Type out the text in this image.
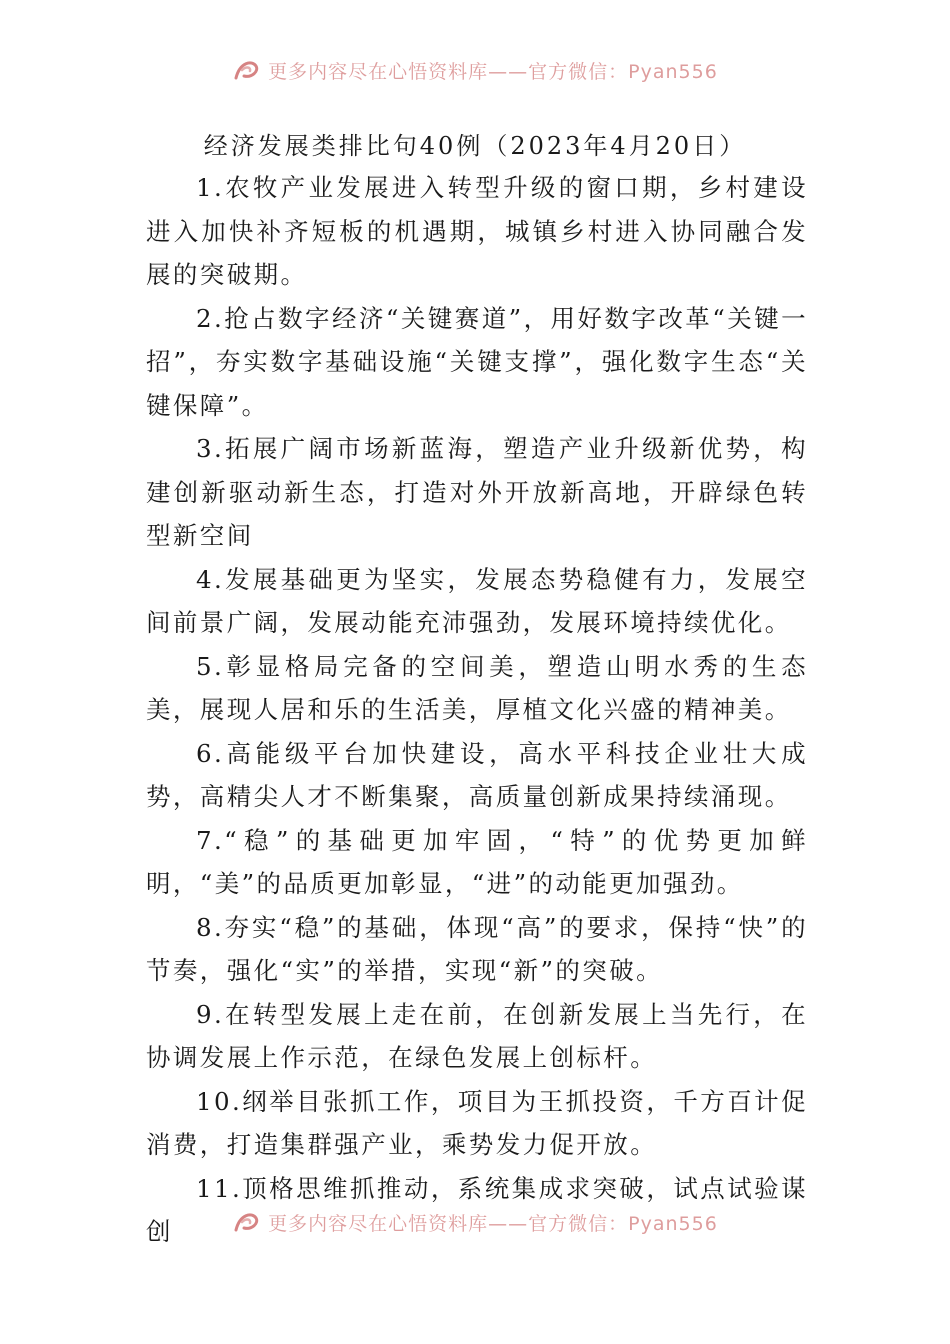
更多内容尽在心悟资料库——官方微信：Pyan556
经济发展类排比句40例（2023年4月20日）

1.农牧产业发展进入转型升级的窗口期，乡村建设进入加快补齐短板的机遇期，城镇乡村进入协同融合发展的突破期。

2.抢占数字经济“关键赛道”，用好数字改革“关键一招”，夯实数字基础设施“关键支撑”，强化数字生态“关键保障”。

3.拓展广阔市场新蓝海，塑造产业升级新优势，构建创新驱动新生态，打造对外开放新高地，开辟绿色转型新空间

4.发展基础更为坚实，发展态势稳健有力，发展空间前景广阔，发展动能充沛强劲，发展环境持续优化。

5.彰显格局完备的空间美，塑造山明水秀的生态美，展现人居和乐的生活美，厚植文化兴盛的精神美。

6.高能级平台加快建设，高水平科技企业壮大成势，高精尖人才不断集聚，高质量创新成果持续涌现。

7.“稳”的基础更加牢固，“特”的优势更加鲜明，“美”的品质更加彰显，“进”的动能更加强劲。

8.夯实“稳”的基础，体现“高”的要求，保持“快”的节奏，强化“实”的举措，实现“新”的突破。

9.在转型发展上走在前，在创新发展上当先行，在协调发展上作示范，在绿色发展上创标杆。

10.纲举目张抓工作，项目为王抓投资，千方百计促消费，打造集群强产业，乘势发力促开放。

11.顶格思维抓推动，系统集成求突破，试点试验谋创	更多内容尽在心悟资料库——官方微信：Pyan556
